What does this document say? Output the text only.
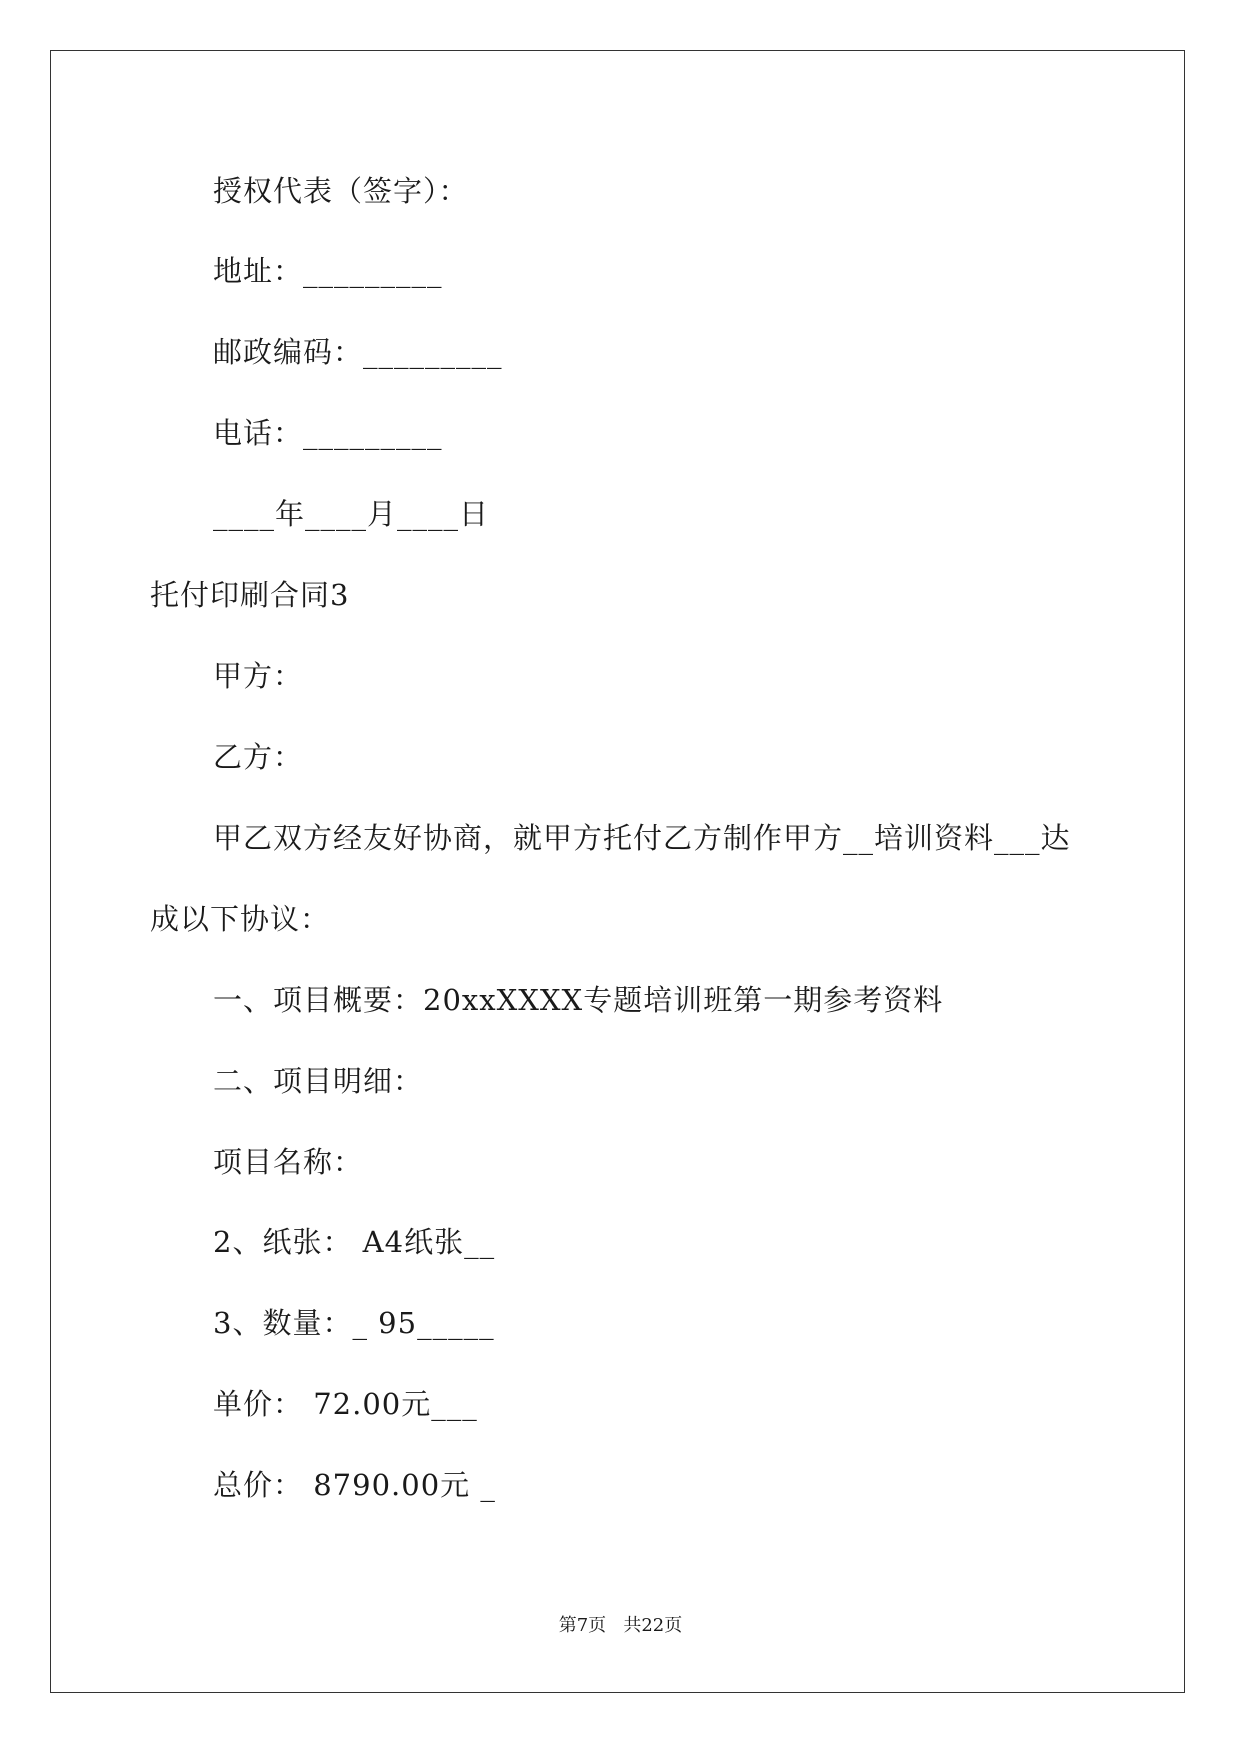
授权代表（签字）：
地址：_________
邮政编码：_________
电话：_________
____年____月____日
托付印刷合同3
甲方：
乙方：
甲乙双方经友好协商，就甲方托付乙方制作甲方__培训资料___达
成以下协议：
一、项目概要：20xxXXXX专题培训班第一期参考资料
二、项目明细：
项目名称：
2、纸张： A4纸张__
3、数量：_ 95_____
单价： 72.00元___
总价： 8790.00元 _
第7页   共22页
